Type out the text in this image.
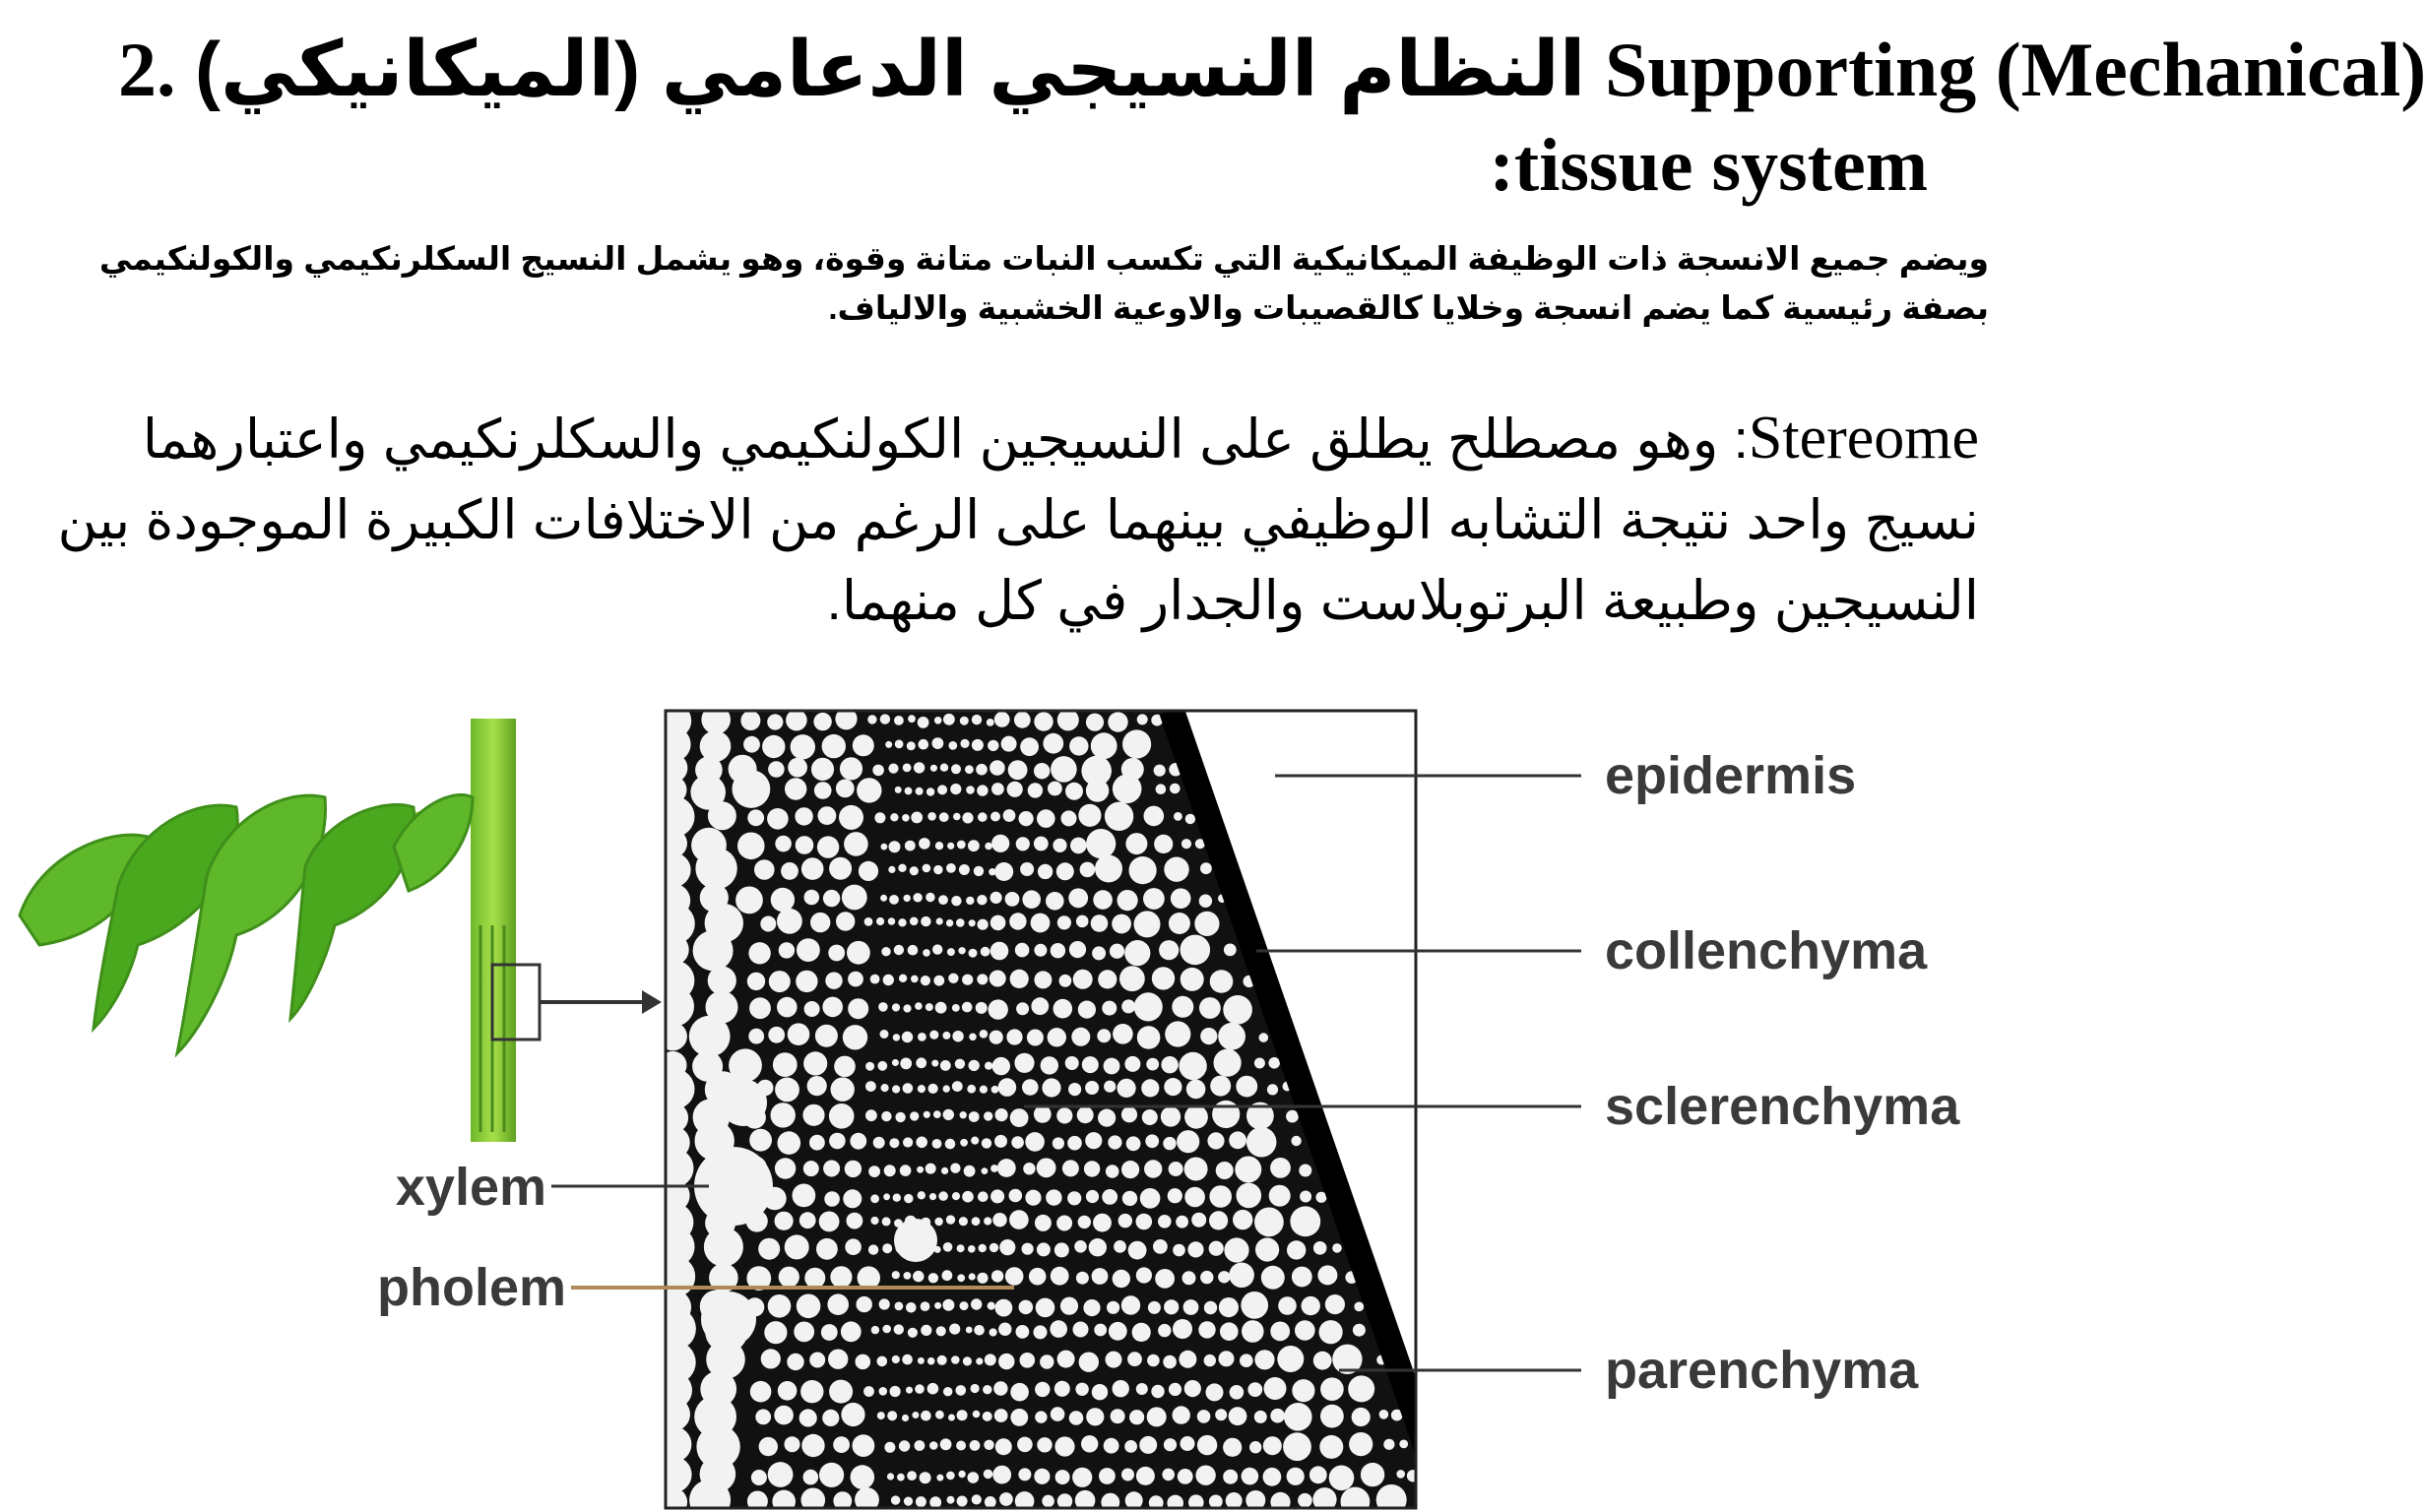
2. النظام النسيجي الدعامي (الميكانيكي) Supporting (Mechanical)
:tissue system
ويضم جميع الانسجة ذات الوظيفة الميكانيكية التي تكسب النبات متانة وقوة، وهو يشمل النسيج السكلرنكيمي والكولنكيمي بصفة رئيسية كما يضم انسجة وخلايا كالقصيبات والاوعية الخشبية والالياف.
Stereome: وهو مصطلح يطلق على النسيجين الكولنكيمي والسكلرنكيمي واعتبارهما نسيج واحد نتيجة التشابه الوظيفي بينهما على الرغم من الاختلافات الكبيرة الموجودة بين النسيجين وطبيعة البرتوبلاست والجدار في كل منهما.
epidermis
collenchyma
sclerenchyma
parenchyma
xylem
pholem
